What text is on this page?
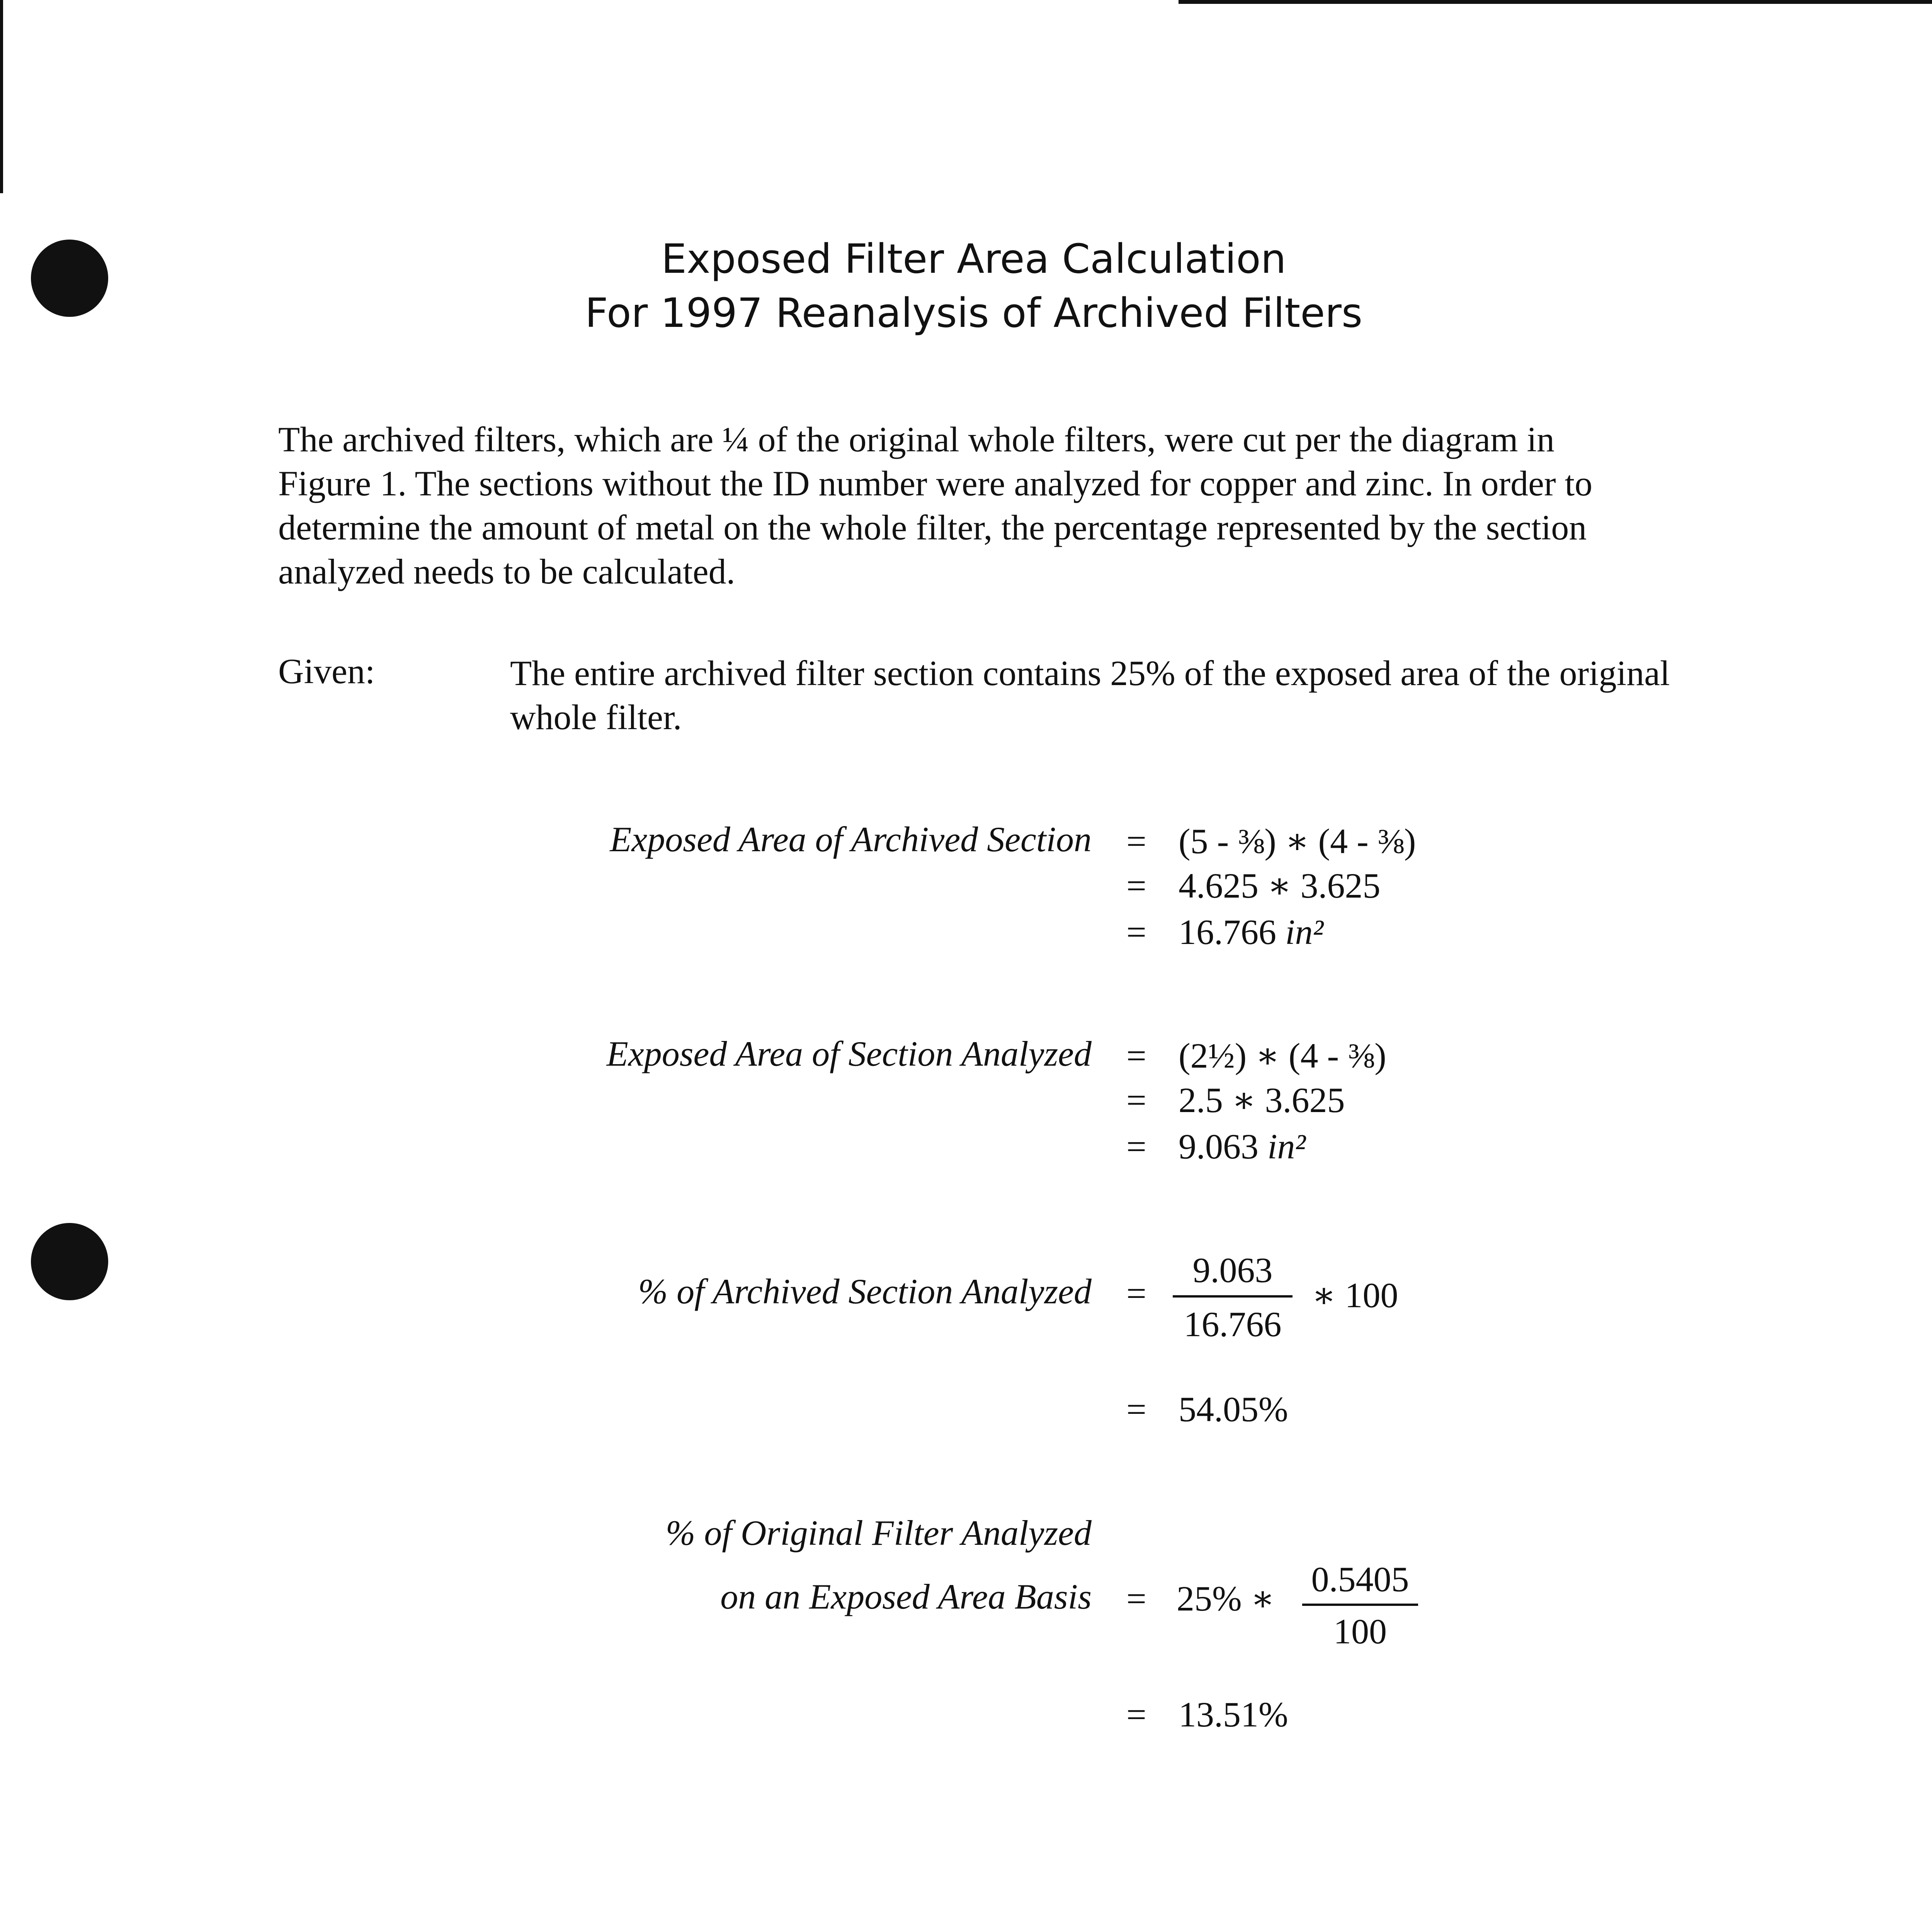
Exposed Filter Area Calculation
For 1997 Reanalysis of Archived Filters
The archived filters, which are ¼ of the original whole filters, were cut per the diagram in
Figure 1. The sections without the ID number were analyzed for copper and zinc. In order to
determine the amount of metal on the whole filter, the percentage represented by the section
analyzed needs to be calculated.
Given:	The entire archived filter section contains 25% of the exposed area of the original
whole filter.
Exposed Area of Archived Section = (5 - ⅜) ∗ (4 - ⅜)
= 4.625 ∗ 3.625
= 16.766 in²
Exposed Area of Section Analyzed = (2½) ∗ (4 - ⅜)
= 2.5 ∗ 3.625
= 9.063 in²
% of Archived Section Analyzed =
9.063
16.766
∗ 100
= 54.05%
% of Original Filter Analyzed
on an Exposed Area Basis = 25% ∗ 0.5405
100
= 13.51%
